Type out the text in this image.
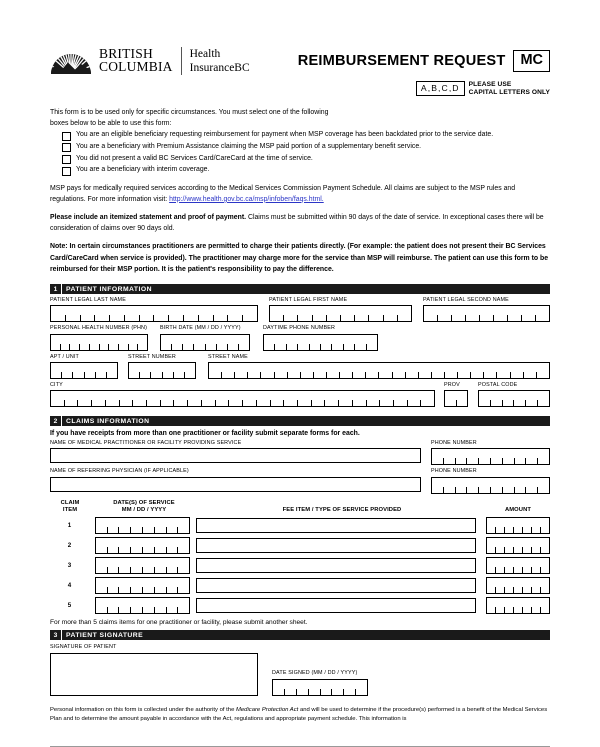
BRITISH
COLUMBIA
Health
InsuranceBC	REIMBURSEMENT REQUEST	MC
A,B,C,D	PLEASE USE
CAPITAL LETTERS ONLY
This form is to be used only for specific circumstances. You must select one of the following
boxes below to be able to use this form:
You are an eligible beneficiary requesting reimbursement for payment when MSP coverage has been backdated prior to the service date.
You are a beneficiary with Premium Assistance claiming the MSP paid portion of a supplementary benefit service.
You did not present a valid BC Services Card/CareCard at the time of service.
You are a beneficiary with interim coverage.
MSP pays for medically required services according to the Medical Services Commission Payment Schedule. All claims are subject to the MSP rules and regulations. For more information visit: http://www.health.gov.bc.ca/msp/infoben/faqs.html.
Please include an itemized statement and proof of payment. Claims must be submitted within 90 days of the date of service. In exceptional cases there will be consideration of claims over 90 days old.
Note: In certain circumstances practitioners are permitted to charge their patients directly. (For example: the patient does not present their BC Services Card/CareCard when service is provided). The practitioner may charge more for the service than MSP will reimburse. The patient can use this form to be reimbursed for their MSP portion. It is the patient's responsibility to pay the difference.
1	PATIENT INFORMATION
PATIENT LEGAL LAST NAME	PATIENT LEGAL FIRST NAME	PATIENT LEGAL SECOND NAME
PERSONAL HEALTH NUMBER (PHN) BIRTH DATE (MM / DD / YYYY)	DAYTIME PHONE NUMBER
APT / UNIT	STREET NUMBER	STREET NAME
CITY	PROV	POSTAL CODE
2	CLAIMS INFORMATION
If you have receipts from more than one practitioner or facility submit separate forms for each.
NAME OF MEDICAL PRACTITIONER OR FACILITY PROVIDING SERVICE	PHONE NUMBER
NAME OF REFERRING PHYSICIAN (IF APPLICABLE)	PHONE NUMBER
CLAIM
ITEM
DATE(S) OF SERVICE
MM / DD / YYYY	FEE ITEM / TYPE OF SERVICE PROVIDED	AMOUNT
1
2
3
4
5
For more than 5 claims items for one practitioner or facility, please submit another sheet.
3	PATIENT SIGNATURE
SIGNATURE OF PATIENT
DATE SIGNED (MM / DD / YYYY)
Personal information on this form is collected under the authority of the Medicare Protection Act and will be used to determine if the procedure(s) performed is a benefit of the Medical Services Plan and to determine the amount payable in accordance with the Act, regulations and appropriate payment schedule. This information is
